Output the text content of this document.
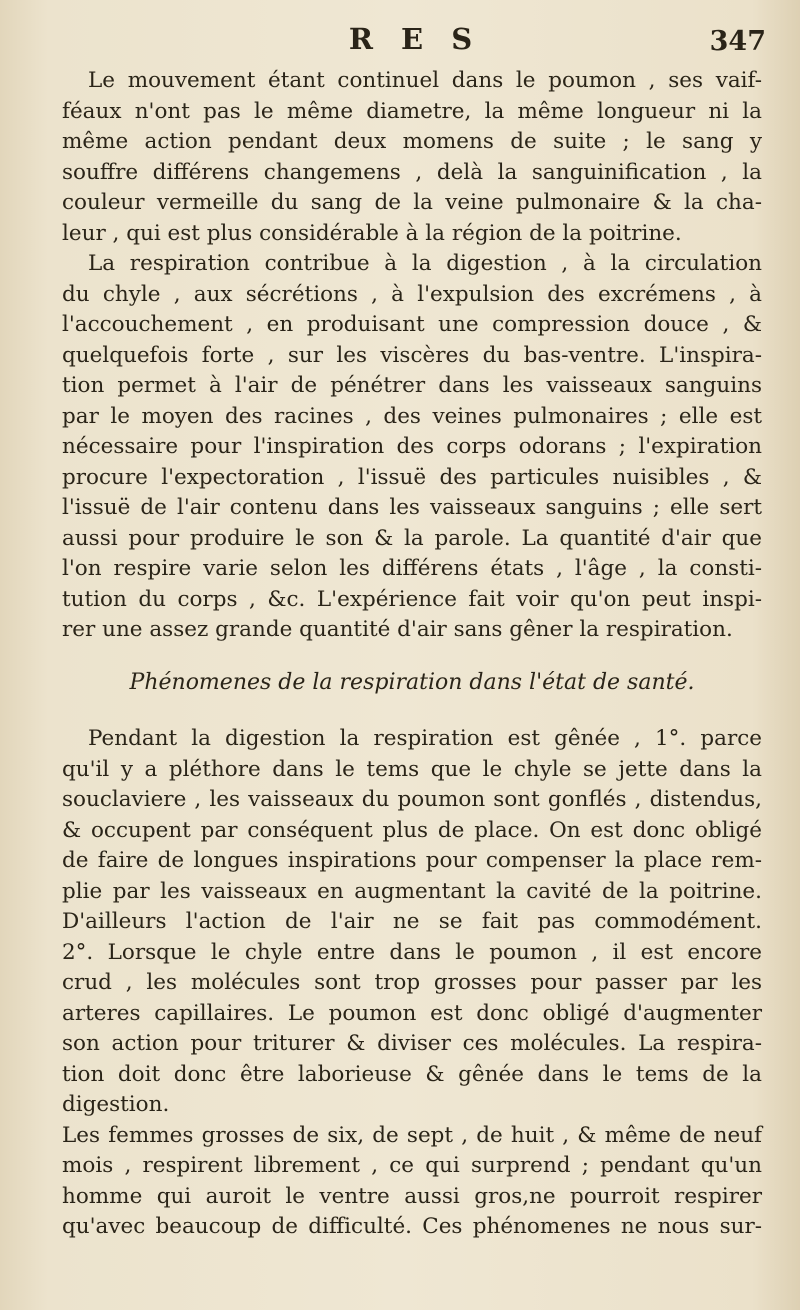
R E S	347
Le mouvement étant continuel dans le poumon , ses vaif-
féaux n'ont pas le même diametre, la même longueur ni la
même action pendant deux momens de suite ; le sang y
souffre différens changemens , delà la sanguinification , la
couleur vermeille du sang de la veine pulmonaire & la cha-
leur , qui est plus considérable à la région de la poitrine.
La respiration contribue à la digestion , à la circulation
du chyle , aux sécrétions , à l'expulsion des excrémens , à
l'accouchement , en produisant une compression douce , &
quelquefois forte , sur les viscères du bas-ventre. L'inspira-
tion permet à l'air de pénétrer dans les vaisseaux sanguins
par le moyen des racines , des veines pulmonaires ; elle est
nécessaire pour l'inspiration des corps odorans ; l'expiration
procure l'expectoration , l'issuë des particules nuisibles , &
l'issuë de l'air contenu dans les vaisseaux sanguins ; elle sert
aussi pour produire le son & la parole. La quantité d'air que
l'on respire varie selon les différens états , l'âge , la consti-
tution du corps , &c. L'expérience fait voir qu'on peut inspi-
rer une assez grande quantité d'air sans gêner la respiration.
Phénomenes de la respiration dans l'état de santé.
Pendant la digestion la respiration est gênée , 1°. parce
qu'il y a pléthore dans le tems que le chyle se jette dans la
souclaviere , les vaisseaux du poumon sont gonflés , distendus,
& occupent par conséquent plus de place. On est donc obligé
de faire de longues inspirations pour compenser la place rem-
plie par les vaisseaux en augmentant la cavité de la poitrine.
D'ailleurs l'action de l'air ne se fait pas commodément.
2°. Lorsque le chyle entre dans le poumon , il est encore
crud , les molécules sont trop grosses pour passer par les
arteres capillaires. Le poumon est donc obligé d'augmenter
son action pour triturer & diviser ces molécules. La respira-
tion doit donc être laborieuse & gênée dans le tems de la
digestion.
Les femmes grosses de six, de sept , de huit , & même de neuf
mois , respirent librement , ce qui surprend ; pendant qu'un
homme qui auroit le ventre aussi gros,ne pourroit respirer
qu'avec beaucoup de difficulté. Ces phénomenes ne nous sur-
